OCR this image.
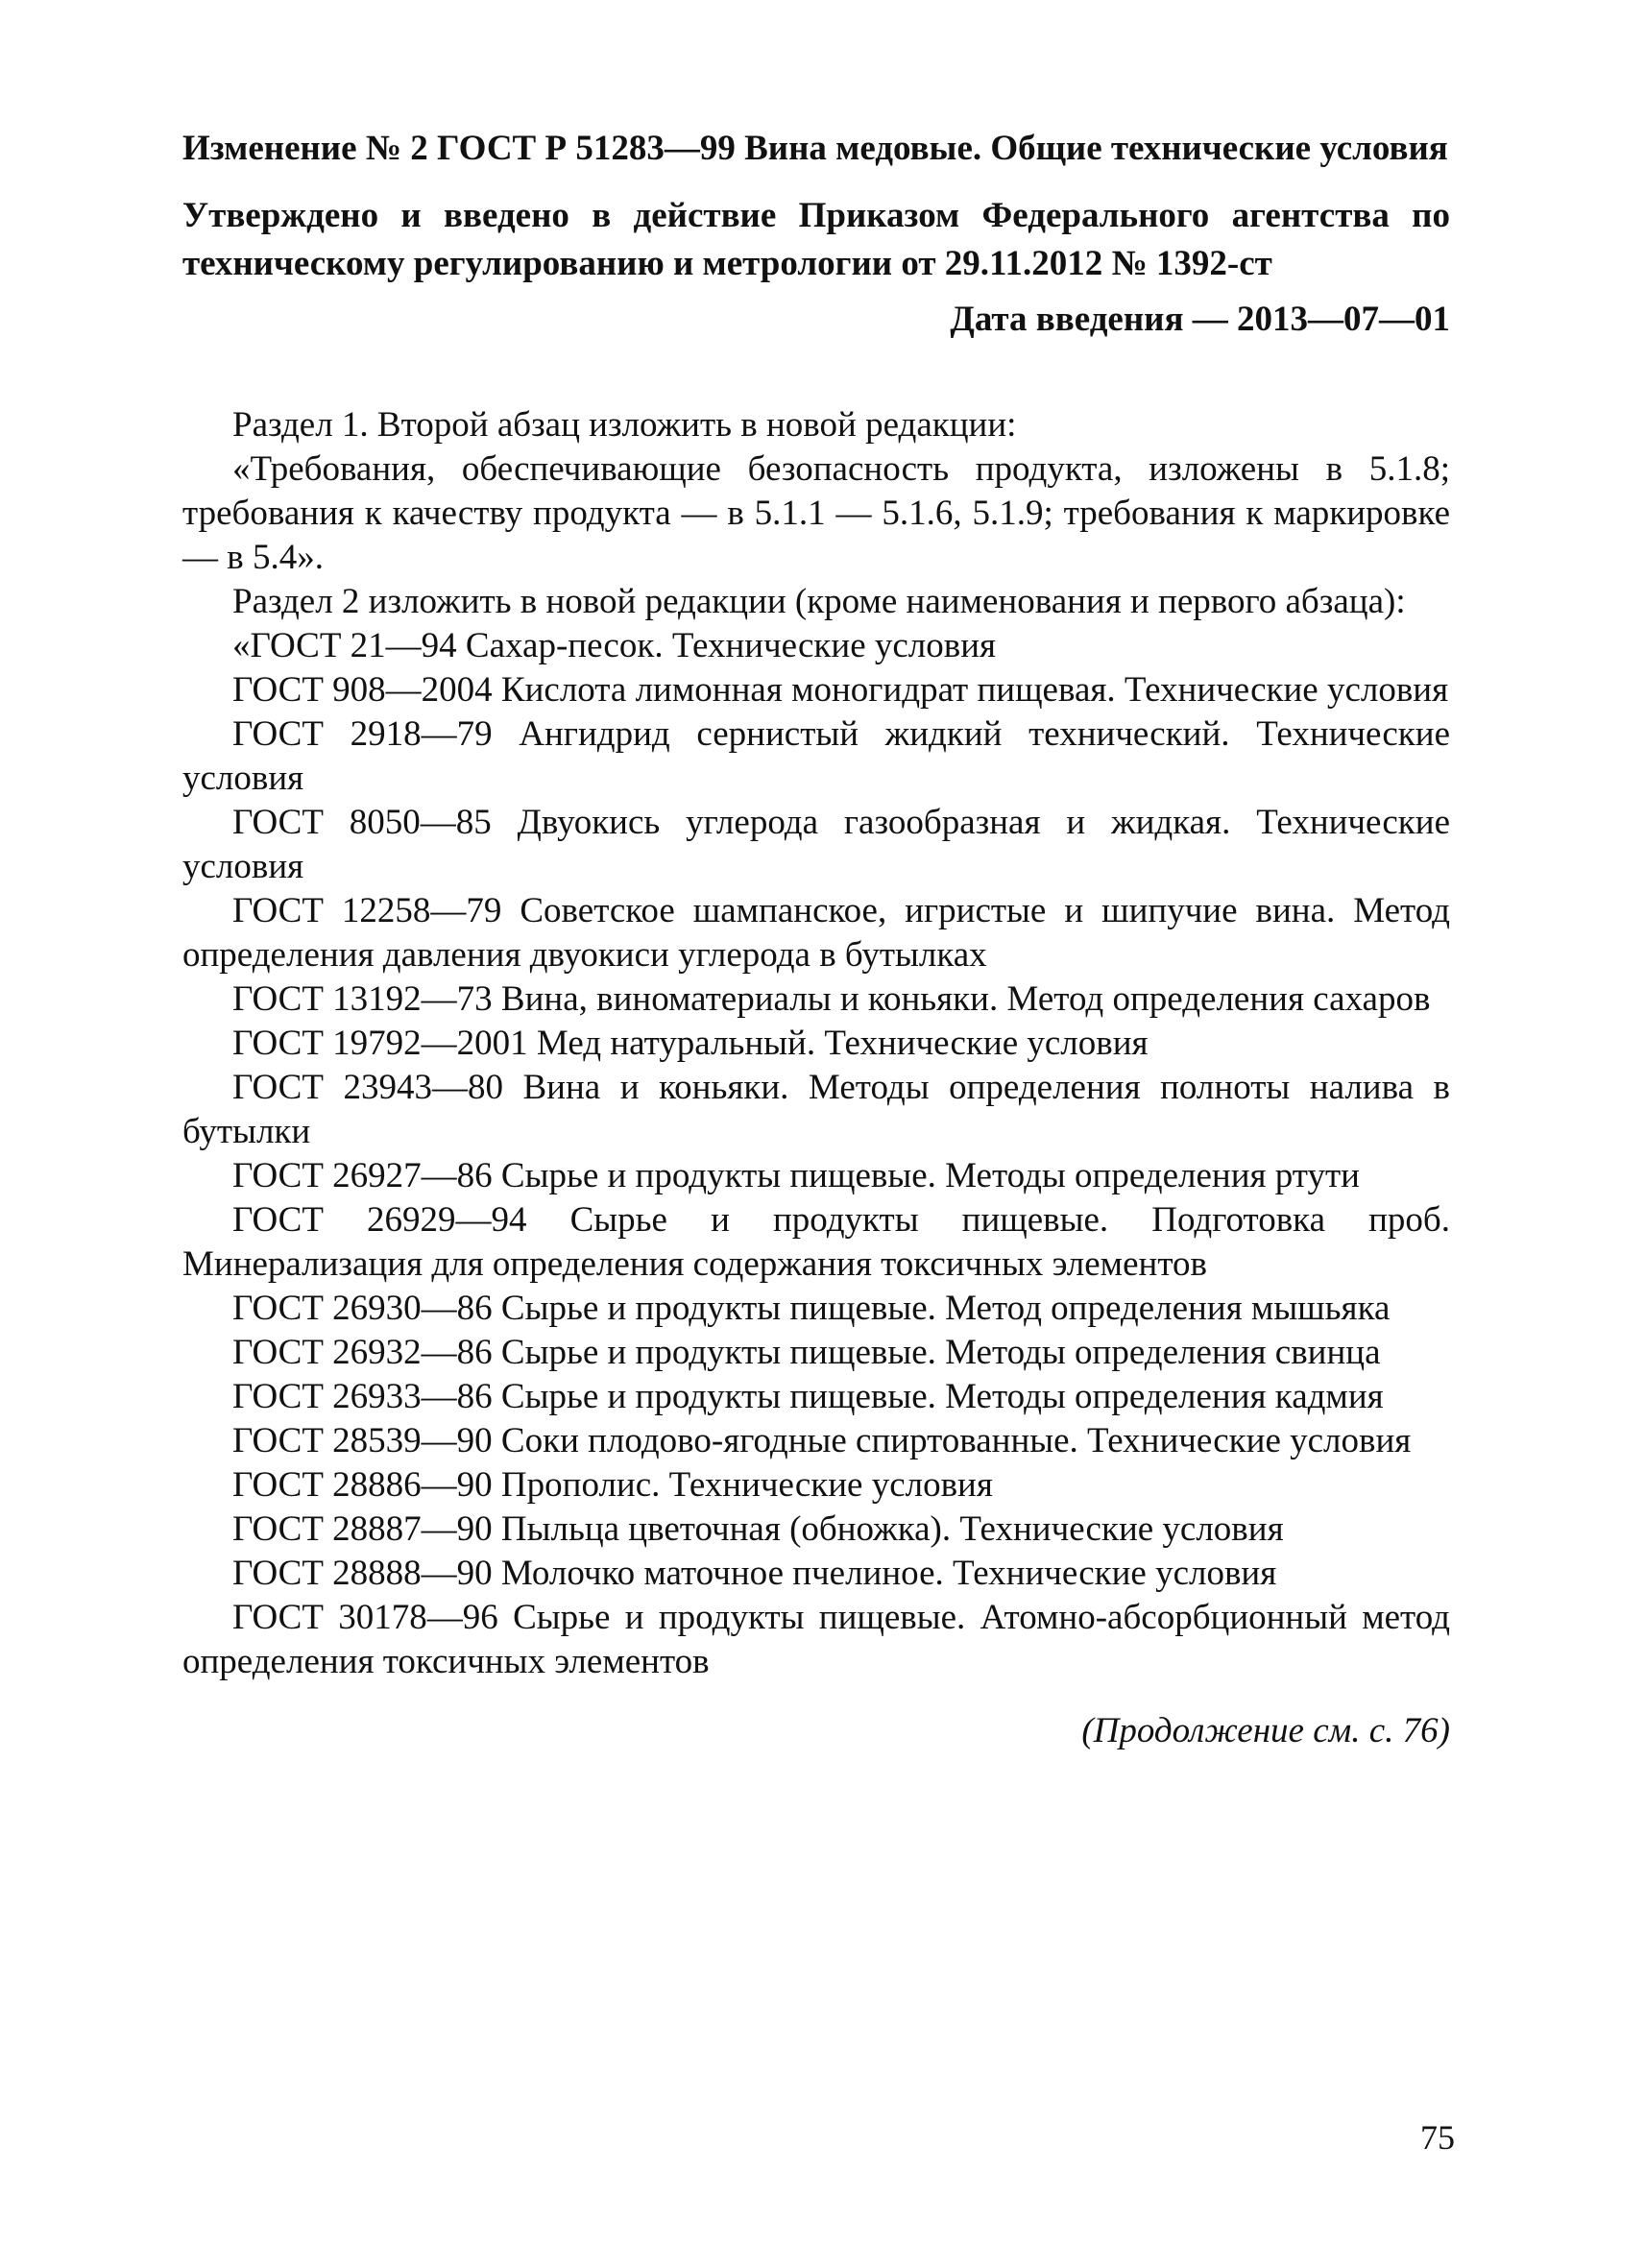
Изменение № 2 ГОСТ Р 51283—99 Вина медовые. Общие технические условия

Утверждено и введено в действие Приказом Федерального агентства по техническому регулированию и метрологии от 29.11.2012 № 1392-ст

Дата введения — 2013—07—01

Раздел 1. Второй абзац изложить в новой редакции:

«Требования, обеспечивающие безопасность продукта, изложены в 5.1.8; требования к качеству продукта — в 5.1.1 — 5.1.6, 5.1.9; требования к маркировке — в 5.4».

Раздел 2 изложить в новой редакции (кроме наименования и первого абзаца):

«ГОСТ 21—94 Сахар-песок. Технические условия

ГОСТ 908—2004 Кислота лимонная моногидрат пищевая. Технические условия

ГОСТ 2918—79 Ангидрид сернистый жидкий технический. Технические условия

ГОСТ 8050—85 Двуокись углерода газообразная и жидкая. Технические условия

ГОСТ 12258—79 Советское шампанское, игристые и шипучие вина. Метод определения давления двуокиси углерода в бутылках

ГОСТ 13192—73 Вина, виноматериалы и коньяки. Метод определения сахаров

ГОСТ 19792—2001 Мед натуральный. Технические условия

ГОСТ 23943—80 Вина и коньяки. Методы определения полноты налива в бутылки

ГОСТ 26927—86 Сырье и продукты пищевые. Методы определения ртути

ГОСТ 26929—94 Сырье и продукты пищевые. Подготовка проб. Минерализация для определения содержания токсичных элементов

ГОСТ 26930—86 Сырье и продукты пищевые. Метод определения мышьяка

ГОСТ 26932—86 Сырье и продукты пищевые. Методы определения свинца

ГОСТ 26933—86 Сырье и продукты пищевые. Методы определения кадмия

ГОСТ 28539—90 Соки плодово-ягодные спиртованные. Технические условия

ГОСТ 28886—90 Прополис. Технические условия

ГОСТ 28887—90 Пыльца цветочная (обножка). Технические условия

ГОСТ 28888—90 Молочко маточное пчелиное. Технические условия

ГОСТ 30178—96 Сырье и продукты пищевые. Атомно-абсорбционный метод определения токсичных элементов

(Продолжение см. с. 76)

75
